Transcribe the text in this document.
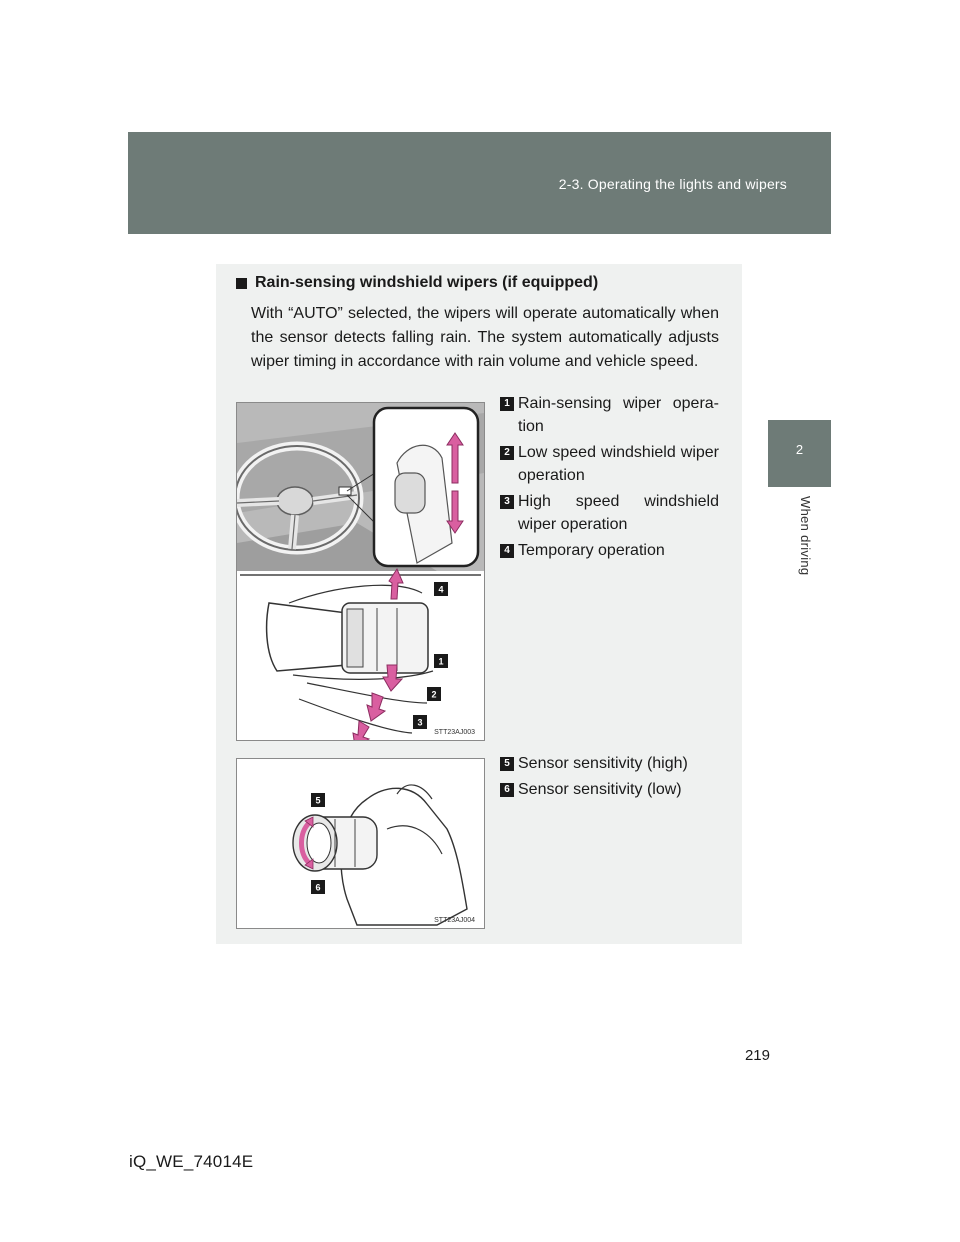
2-3. Operating the lights and wipers
2
When driving
Rain-sensing windshield wipers (if equipped)
With “AUTO” selected, the wipers will operate automatically when the sensor detects falling rain. The system automatically adjusts wiper timing in accordance with rain volume and vehicle speed.
4
1
2
3
STT23AJ003
1 Rain-sensing wiper opera-tion
2 Low speed windshield wiper operation
3 High speed windshield wiper operation
4 Temporary operation
5
6
STT23AJ004
5 Sensor sensitivity (high)
6 Sensor sensitivity (low)
219
iQ_WE_74014E
